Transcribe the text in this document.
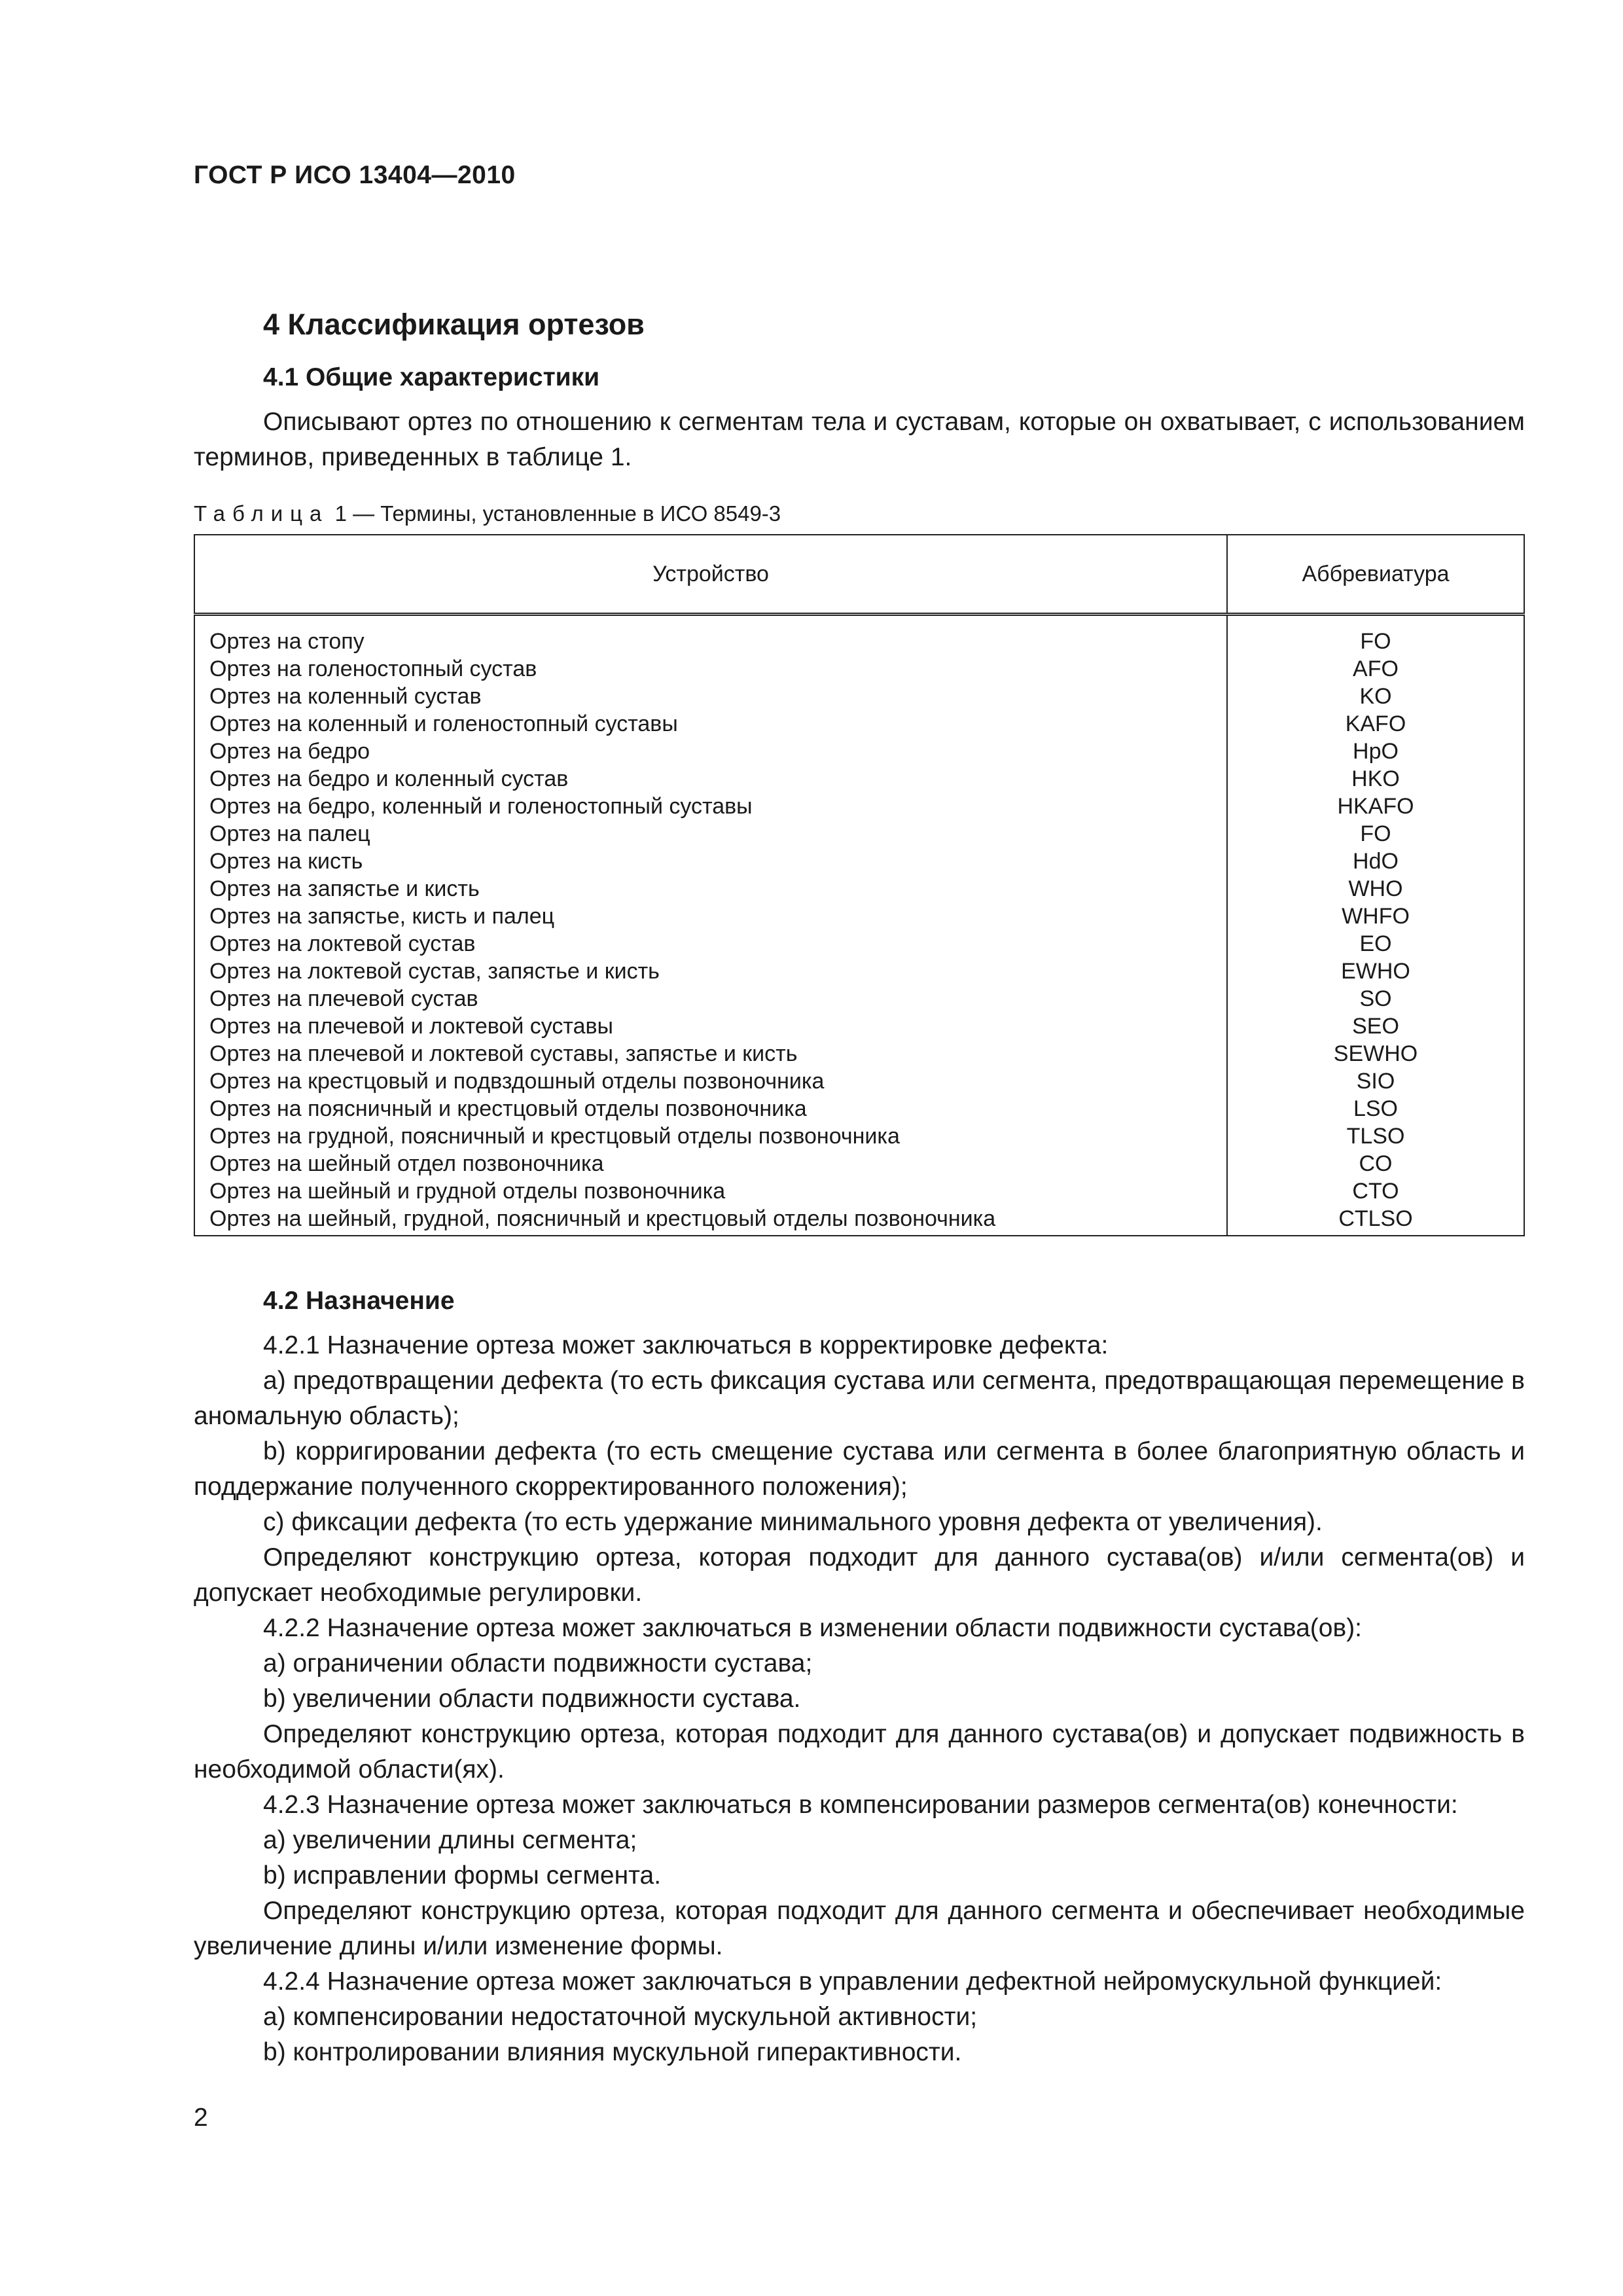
ГОСТ Р ИСО 13404—2010
4 Классификация ортезов
4.1 Общие характеристики

Описывают ортез по отношению к сегментам тела и суставам, которые он охватывает, с использованием терминов, приведенных в таблице 1.

Таблица 1 — Термины, установленные в ИСО 8549-3
Устройство	Аббревиатура
Ортез на стопу	FO
Ортез на голеностопный сустав	AFO
Ортез на коленный сустав	KO
Ортез на коленный и голеностопный суставы	KAFO
Ортез на бедро	HpO
Ортез на бедро и коленный сустав	HKO
Ортез на бедро, коленный и голеностопный суставы	HKAFO
Ортез на палец	FO
Ортез на кисть	HdO
Ортез на запястье и кисть	WHO
Ортез на запястье, кисть и палец	WHFO
Ортез на локтевой сустав	EO
Ортез на локтевой сустав, запястье и кисть	EWHO
Ортез на плечевой сустав	SO
Ортез на плечевой и локтевой суставы	SEO
Ортез на плечевой и локтевой суставы, запястье и кисть	SEWHO
Ортез на крестцовый и подвздошный отделы позвоночника	SIO
Ортез на поясничный и крестцовый отделы позвоночника	LSO
Ортез на грудной, поясничный и крестцовый отделы позвоночника	TLSO
Ортез на шейный отдел позвоночника	CO
Ортез на шейный и грудной отделы позвоночника	CTO
Ортез на шейный, грудной, поясничный и крестцовый отделы позвоночника	CTLSO
4.2 Назначение

4.2.1 Назначение ортеза может заключаться в корректировке дефекта:

a) предотвращении дефекта (то есть фиксация сустава или сегмента, предотвращающая перемещение в аномальную область);

b) корригировании дефекта (то есть смещение сустава или сегмента в более благоприятную область и поддержание полученного скорректированного положения);

c) фиксации дефекта (то есть удержание минимального уровня дефекта от увеличения).

Определяют конструкцию ортеза, которая подходит для данного сустава(ов) и/или сегмента(ов) и допускает необходимые регулировки.

4.2.2 Назначение ортеза может заключаться в изменении области подвижности сустава(ов):

a) ограничении области подвижности сустава;

b) увеличении области подвижности сустава.

Определяют конструкцию ортеза, которая подходит для данного сустава(ов) и допускает подвижность в необходимой области(ях).

4.2.3 Назначение ортеза может заключаться в компенсировании размеров сегмента(ов) конечности:

a) увеличении длины сегмента;

b) исправлении формы сегмента.

Определяют конструкцию ортеза, которая подходит для данного сегмента и обеспечивает необходимые увеличение длины и/или изменение формы.

4.2.4 Назначение ортеза может заключаться в управлении дефектной нейромускульной функцией:

a) компенсировании недостаточной мускульной активности;

b) контролировании влияния мускульной гиперактивности.

2
